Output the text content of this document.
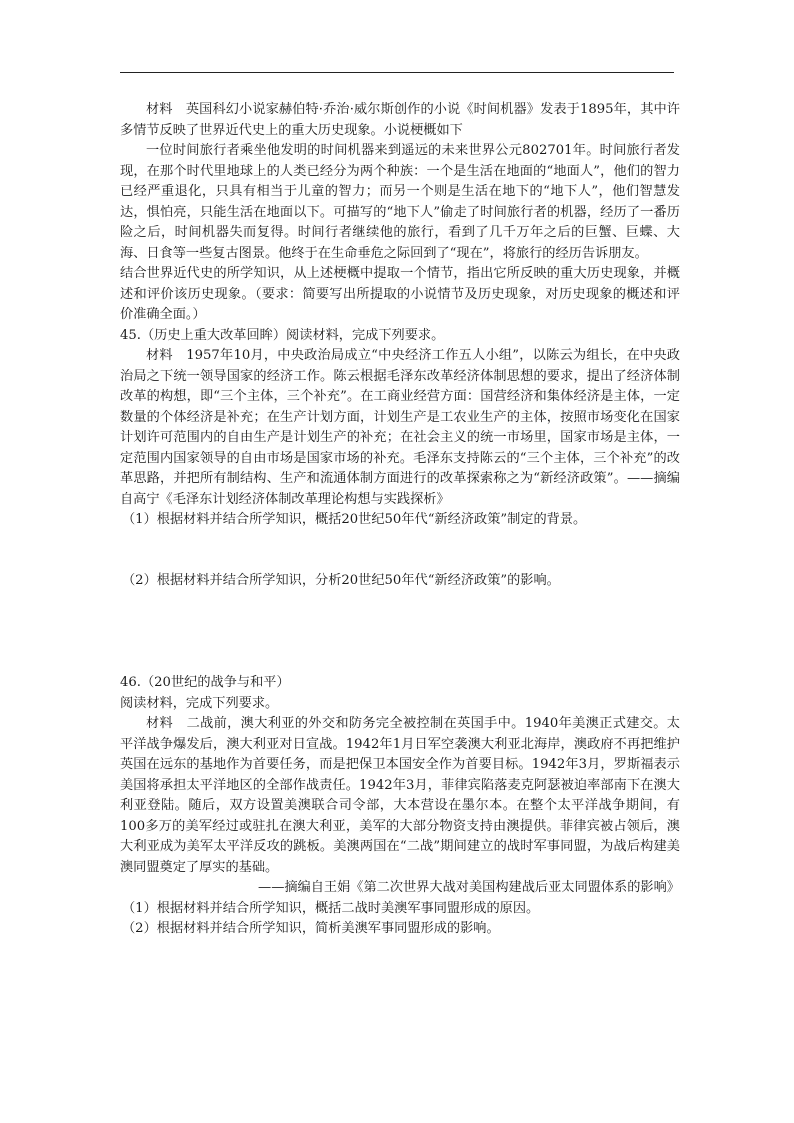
材料　英国科幻小说家赫伯特·乔治·威尔斯创作的小说《时间机器》发表于1895年，其中许多情节反映了世界近代史上的重大历史现象。小说梗概如下

一位时间旅行者乘坐他发明的时间机器来到遥远的未来世界公元802701年。时间旅行者发现，在那个时代里地球上的人类已经分为两个种族：一个是生活在地面的“地面人”，他们的智力已经严重退化，只具有相当于儿童的智力；而另一个则是生活在地下的“地下人”，他们智慧发达，惧怕亮，只能生活在地面以下。可描写的“地下人”偷走了时间旅行者的机器，经历了一番历险之后，时间机器失而复得。时间行者继续他的旅行，看到了几千万年之后的巨蟹、巨蝶、大海、日食等一些复古图景。他终于在生命垂危之际回到了“现在”，将旅行的经历告诉朋友。

结合世界近代史的所学知识，从上述梗概中提取一个情节，指出它所反映的重大历史现象，并概述和评价该历史现象。（要求：简要写出所提取的小说情节及历史现象，对历史现象的概述和评价准确全面。）

45.（历史上重大改革回眸）阅读材料，完成下列要求。

材料　1957年10月，中央政治局成立“中央经济工作五人小组”，以陈云为组长，在中央政治局之下统一领导国家的经济工作。陈云根据毛泽东改革经济体制思想的要求，提出了经济体制改革的构想，即“三个主体，三个补充”。在工商业经营方面：国营经济和集体经济是主体，一定数量的个体经济是补充；在生产计划方面，计划生产是工农业生产的主体，按照市场变化在国家计划许可范围内的自由生产是计划生产的补充；在社会主义的统一市场里，国家市场是主体，一定范围内国家领导的自由市场是国家市场的补充。毛泽东支持陈云的“三个主体，三个补充”的改革思路，并把所有制结构、生产和流通体制方面进行的改革探索称之为“新经济政策”。——摘编自高宁《毛泽东计划经济体制改革理论构想与实践探析》

（1）根据材料并结合所学知识，概括20世纪50年代“新经济政策”制定的背景。

（2）根据材料并结合所学知识，分析20世纪50年代“新经济政策”的影响。

46.（20世纪的战争与和平）

阅读材料，完成下列要求。

材料　二战前，澳大利亚的外交和防务完全被控制在英国手中。1940年美澳正式建交。太平洋战争爆发后，澳大利亚对日宣战。1942年1月日军空袭澳大利亚北海岸，澳政府不再把维护英国在远东的基地作为首要任务，而是把保卫本国安全作为首要目标。1942年3月，罗斯福表示美国将承担太平洋地区的全部作战责任。1942年3月，菲律宾陷落麦克阿瑟被迫率部南下在澳大利亚登陆。随后，双方设置美澳联合司令部，大本营设在墨尔本。在整个太平洋战争期间，有100多万的美军经过或驻扎在澳大利亚，美军的大部分物资支持由澳提供。菲律宾被占领后，澳大利亚成为美军太平洋反攻的跳板。美澳两国在“二战”期间建立的战时军事同盟，为战后构建美澳同盟奠定了厚实的基础。

——摘编自王娟《第二次世界大战对美国构建战后亚太同盟体系的影响》

（1）根据材料并结合所学知识，概括二战时美澳军事同盟形成的原因。

（2）根据材料并结合所学知识，简析美澳军事同盟形成的影响。
